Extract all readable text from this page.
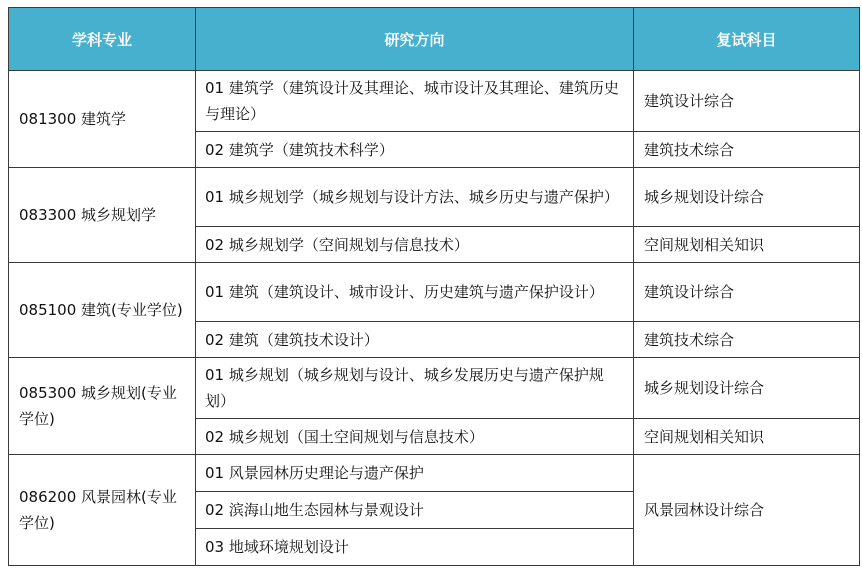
学科专业	研究方向	复试科目
081300 建筑学	01 建筑学（建筑设计及其理论、城市设计及其理论、建筑历史与理论）	建筑设计综合
	02 建筑学（建筑技术科学）	建筑技术综合
083300 城乡规划学	01 城乡规划学（城乡规划与设计方法、城乡历史与遗产保护）	城乡规划设计综合
	02 城乡规划学（空间规划与信息技术）	空间规划相关知识
085100 建筑(专业学位)	01 建筑（建筑设计、城市设计、历史建筑与遗产保护设计）	建筑设计综合
	02 建筑（建筑技术设计）	建筑技术综合
085300 城乡规划(专业学位)	01 城乡规划（城乡规划与设计、城乡发展历史与遗产保护规划）	城乡规划设计综合
	02 城乡规划（国土空间规划与信息技术）	空间规划相关知识
086200 风景园林(专业学位)	01 风景园林历史理论与遗产保护	风景园林设计综合
	02 滨海山地生态园林与景观设计	
	03 地域环境规划设计	
